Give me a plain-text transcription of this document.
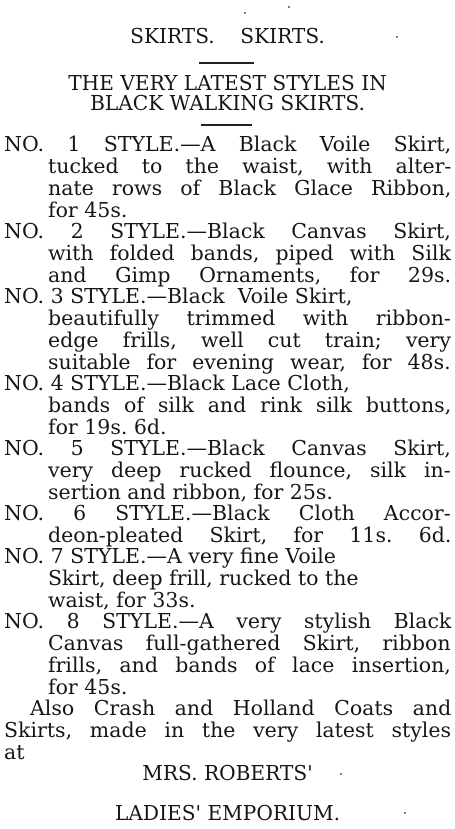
SKIRTS.    SKIRTS.
THE VERY LATEST STYLES IN
BLACK WALKING SKIRTS.
NO. 1 STYLE.—A Black Voile Skirt,
tucked to the waist, with alter-
nate rows of Black Glace Ribbon,
for 45s.
NO. 2 STYLE.—Black Canvas Skirt,
with folded bands, piped with Silk
and Gimp Ornaments, for 29s.
NO. 3 STYLE.—Black  Voile Skirt,
beautifully trimmed with ribbon-
edge frills, well cut train; very
suitable for evening wear, for 48s.
NO. 4 STYLE.—Black Lace Cloth,
bands of silk and rink silk buttons,
for 19s. 6d.
NO. 5 STYLE.—Black Canvas Skirt,
very deep rucked flounce, silk in-
sertion and ribbon, for 25s.
NO. 6 STYLE.—Black Cloth Accor-
deon-pleated Skirt, for 11s. 6d.
NO. 7 STYLE.—A very fine Voile
Skirt, deep frill, rucked to the
waist, for 33s.
NO. 8 STYLE.—A very stylish Black
Canvas full-gathered Skirt, ribbon
frills, and bands of lace insertion,
for 45s.
Also Crash and Holland Coats and
Skirts, made in the very latest styles
at
MRS. ROBERTS'
LADIES' EMPORIUM.
